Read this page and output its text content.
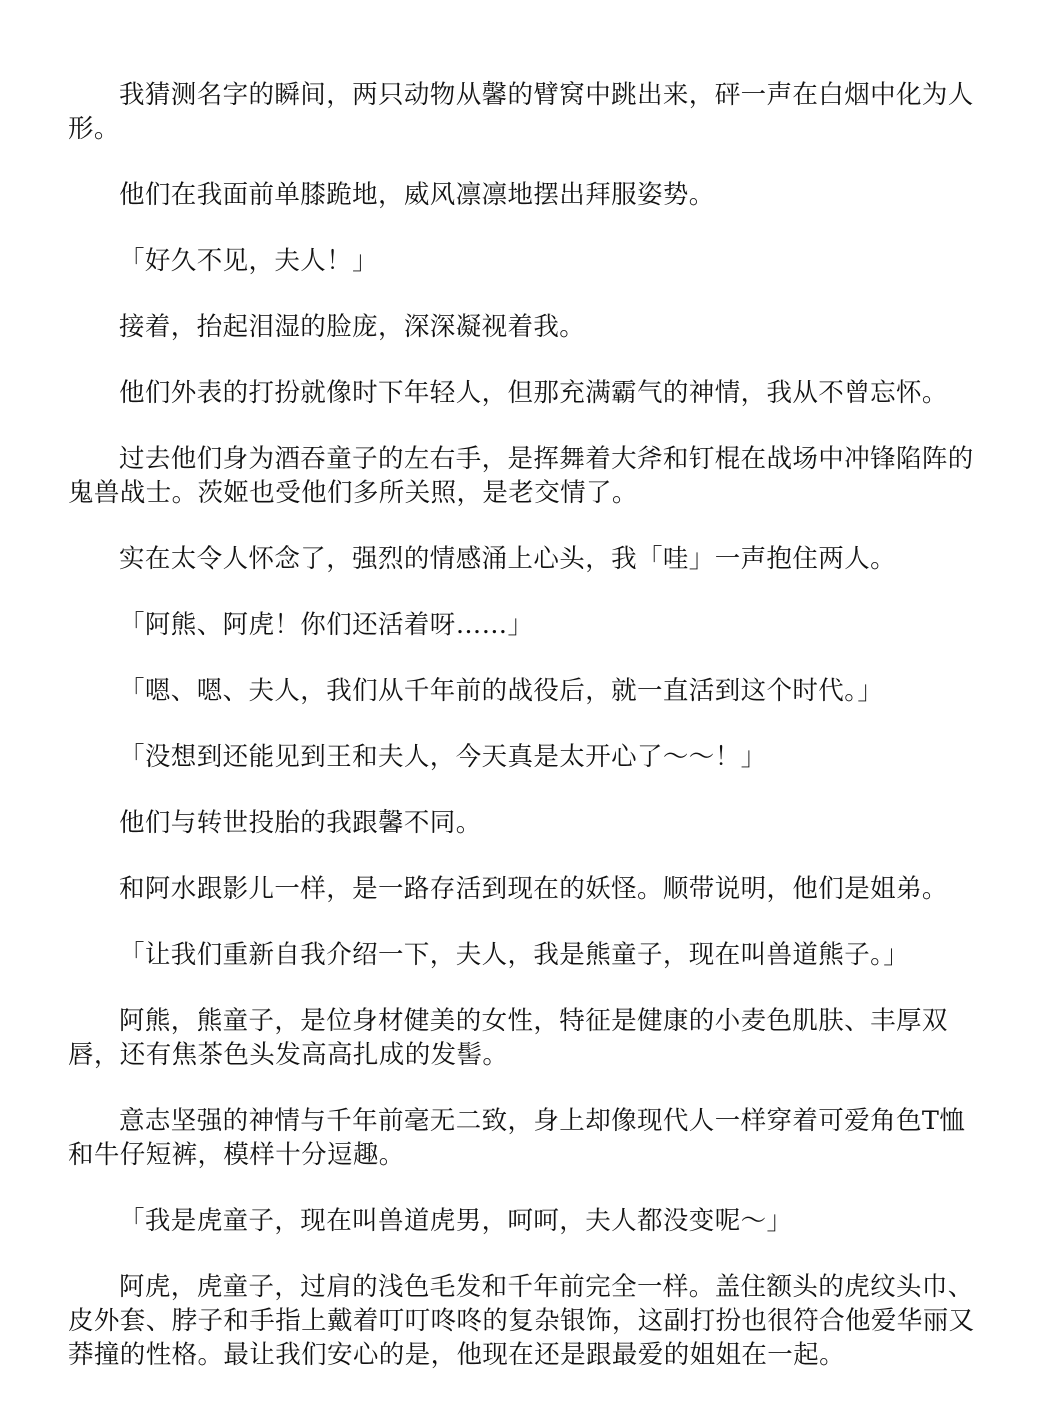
我猜测名字的瞬间，两只动物从馨的臂窝中跳出来，砰一声在白烟中化为人形。

他们在我面前单膝跪地，威风凛凛地摆出拜服姿势。

「好久不见，夫人！」

接着，抬起泪湿的脸庞，深深凝视着我。

他们外表的打扮就像时下年轻人，但那充满霸气的神情，我从不曾忘怀。

过去他们身为酒吞童子的左右手，是挥舞着大斧和钉棍在战场中冲锋陷阵的鬼兽战士。茨姬也受他们多所关照，是老交情了。

实在太令人怀念了，强烈的情感涌上心头，我「哇」一声抱住两人。

「阿熊、阿虎！你们还活着呀……」

「嗯、嗯、夫人，我们从千年前的战役后，就一直活到这个时代。」

「没想到还能见到王和夫人，今天真是太开心了～～！」

他们与转世投胎的我跟馨不同。

和阿水跟影儿一样，是一路存活到现在的妖怪。顺带说明，他们是姐弟。

「让我们重新自我介绍一下，夫人，我是熊童子，现在叫兽道熊子。」

阿熊，熊童子，是位身材健美的女性，特征是健康的小麦色肌肤、丰厚双唇，还有焦茶色头发高高扎成的发髻。

意志坚强的神情与千年前毫无二致，身上却像现代人一样穿着可爱角色T恤和牛仔短裤，模样十分逗趣。

「我是虎童子，现在叫兽道虎男，呵呵，夫人都没变呢～」

阿虎，虎童子，过肩的浅色毛发和千年前完全一样。盖住额头的虎纹头巾、皮外套、脖子和手指上戴着叮叮咚咚的复杂银饰，这副打扮也很符合他爱华丽又莽撞的性格。最让我们安心的是，他现在还是跟最爱的姐姐在一起。
